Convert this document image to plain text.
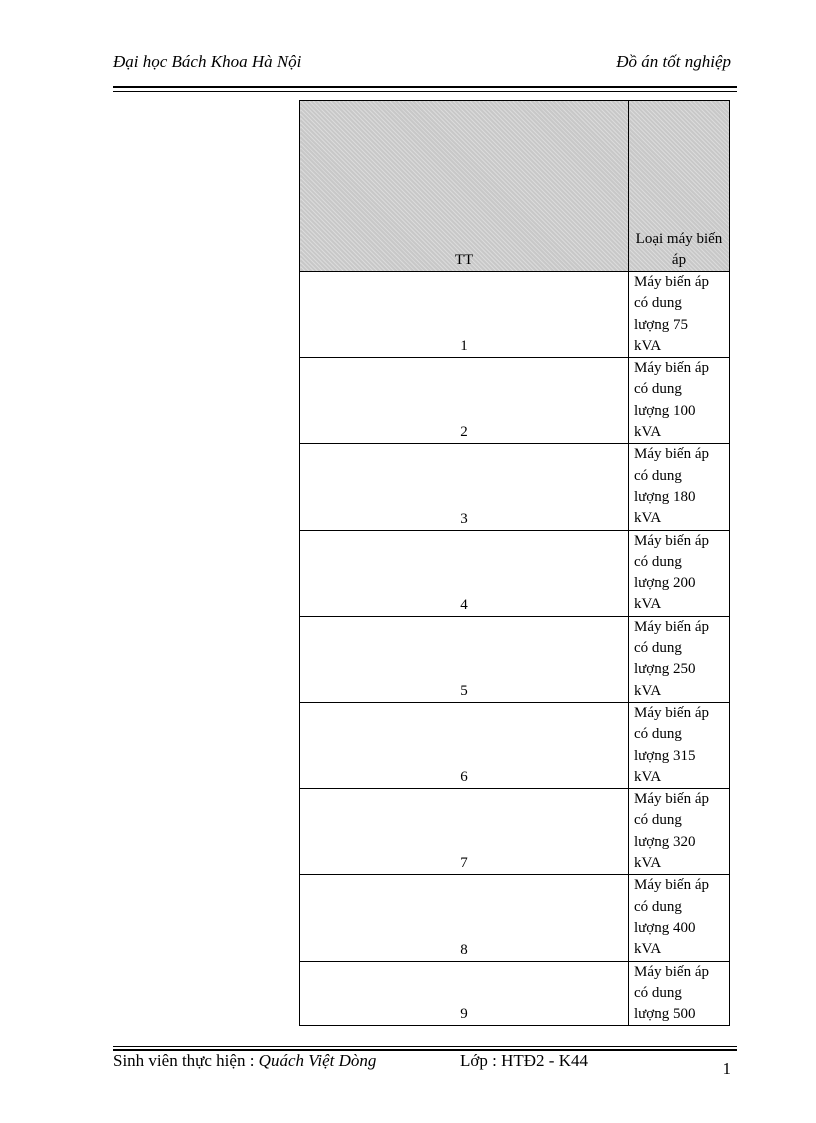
Đại học Bách Khoa Hà Nội	Đồ án tốt nghiệp
TT	Loại máy biến áp

1	Máy biến áp có dung lượng 75 kVA

2	Máy biến áp có dung lượng 100 kVA

3	Máy biến áp có dung lượng 180 kVA

4	Máy biến áp có dung lượng 200 kVA

5	Máy biến áp có dung lượng 250 kVA

6	Máy biến áp có dung lượng 315 kVA

7	Máy biến áp có dung lượng 320 kVA

8	Máy biến áp có dung lượng 400 kVA

9	Máy biến áp có dung lượng 500
Sinh viên thực hiện : Quách Việt Dòng	Lớp : HTĐ2 - K44	1
